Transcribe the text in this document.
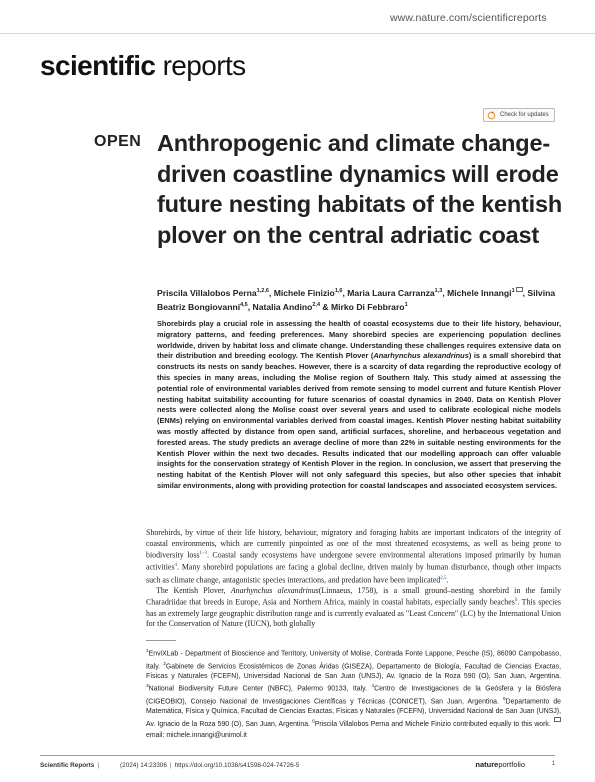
www.nature.com/scientificreports
scientific reports
Check for updates
OPEN Anthropogenic and climate change-driven coastline dynamics will erode future nesting habitats of the kentish plover on the central adriatic coast
Priscila Villalobos Perna$^{1,2,6}$, Michele Finizio$^{1,6}$, Maria Laura Carranza$^{1,3}$, Michele Innangi$^1$ , Silvina Beatriz Bongiovanni$^{4,5}$, Natalia Andino$^{2,4}$ & Mirko Di Febbraro$^1$
Shorebirds play a crucial role in assessing the health of coastal ecosystems due to their life history, behaviour, migratory patterns, and feeding preferences. Many shorebird species are experiencing population declines worldwide, driven by habitat loss and climate change. Understanding these challenges requires extensive data on their distribution and breeding ecology. The Kentish Plover (Anarhynchus alexandrinus) is a small shorebird that constructs its nests on sandy beaches. However, there is a scarcity of data regarding the reproductive ecology of this species in many areas, including the Molise region of Southern Italy. This study aimed at assessing the potential role of environmental variables derived from remote sensing to model current and future Kentish Plover nesting habitat suitability accounting for future scenarios of coastal dynamics in 2040. Data on Kentish Plover nests were collected along the Molise coast over several years and used to calibrate ecological niche models (ENMs) relying on environmental variables derived from coastal images. Kentish Plover nesting habitat suitability was mostly affected by distance from open sand, artificial surfaces, shoreline, and herbaceous vegetation and forested areas. The study predicts an average decline of more than 22% in suitable nesting environments for the Kentish Plover within the next two decades. Results indicated that our modelling approach can offer valuable insights for the conservation strategy of Kentish Plover in the region. In conclusion, we assert that preserving the nesting habitat of the Kentish Plover will not only safeguard this species, but also other species that inhabit similar environments, along with providing protection for coastal landscapes and associated ecosystem services.

Shorebirds, by virtue of their life history, behaviour, migratory and foraging habits are important indicators of the integrity of coastal environments, which are currently pinpointed as one of the most threatened ecosystems, as well as being prone to biodiversity loss$^{1-3}$. Coastal sandy ecosystems have undergone severe environmental alterations imposed primarily by human activities$^4$. Many shorebird populations are facing a global decline, driven mainly by human disturbance, though other impacts such as climate change, antagonistic species interactions, and predation have been implicated$^{2,5}$.

The Kentish Plover, Anarhynchus alexandrinus(Linnaeus, 1758), is a small ground–nesting shorebird in the family Charadriidae that breeds in Europe, Asia and Northern Africa, mainly in coastal habitats, especially sandy beaches$^6$. This species has an extremely large geographic distribution range and is currently evaluated as "Least Concern" (LC) by the International Union for the Conservation of Nature (IUCN), both globally

$^1$EnviXLab - Department of Bioscience and Territory, University of Molise, Contrada Fonte Lappone, Pesche (IS), 86090 Campobasso, Italy. $^2$Gabinete de Servicios Ecosistémicos de Zonas Áridas (GISEZA), Departamento de Biología, Facultad de Ciencias Exactas, Físicas y Naturales (FCEFN), Universidad Nacional de San Juan (UNSJ), Av. Ignacio de la Roza 590 (O), San Juan, Argentina. $^3$National Biodiversity Future Center (NBFC), Palermo 90133, Italy. $^4$Centro de Investigaciones de la Geósfera y la Biósfera (CIGEOBIO), Consejo Nacional de Investigaciones Científicas y Técnicas (CONICET), San Juan, Argentina. $^5$Departamento de Matemática, Física y Química, Facultad de Ciencias Exactas, Físicas y Naturales (FCEFN), Universidad Nacional de San Juan (UNSJ), Av. Ignacio de la Roza 590 (O), San Juan, Argentina. $^6$Priscila Villalobos Perna and Michele Finizio contributed equally to this work. email: michele.innangi@unimol.it
Scientific Reports |	(2024) 14:23306 | https://doi.org/10.1038/s41598-024-74726-5	natureportfolio	1
